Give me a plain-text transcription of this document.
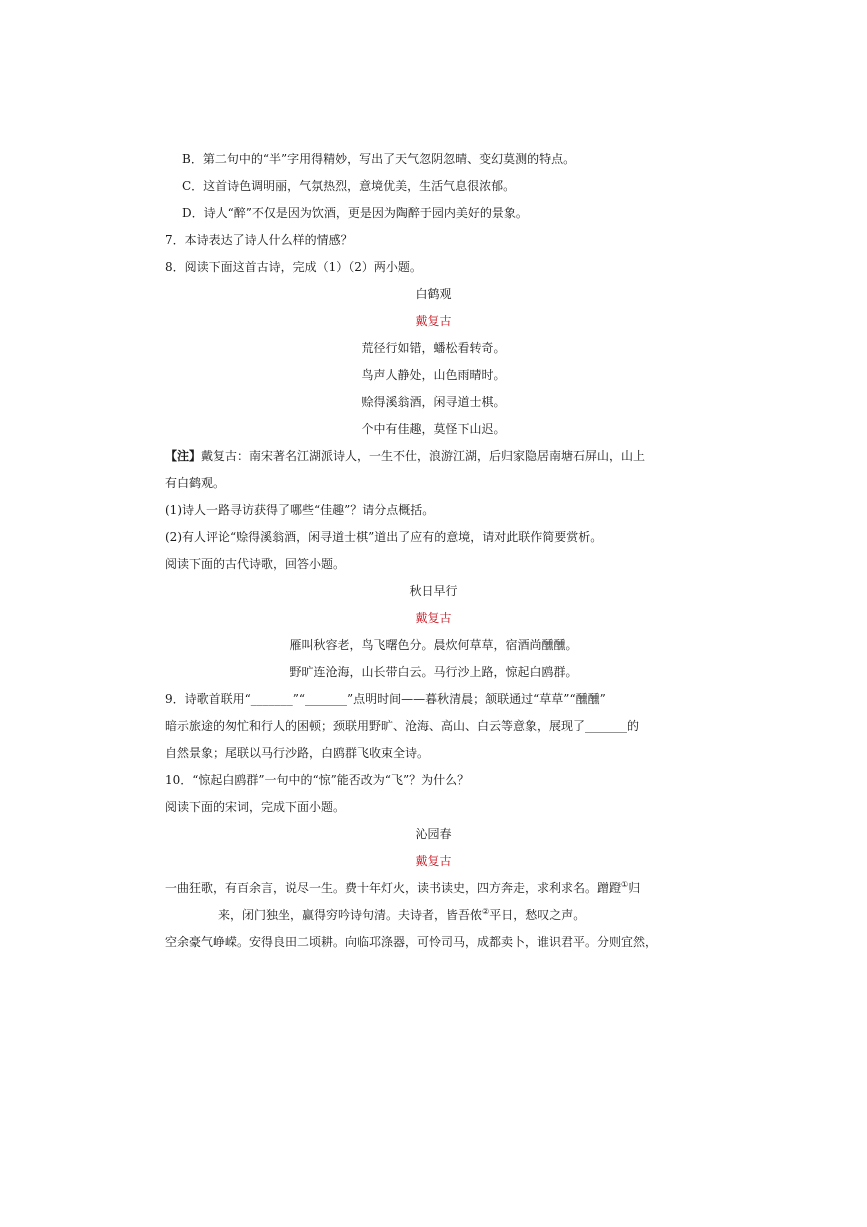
B．第二句中的“半”字用得精妙，写出了天气忽阴忽晴、变幻莫测的特点。
C．这首诗色调明丽，气氛热烈，意境优美，生活气息很浓郁。
D．诗人“醉”不仅是因为饮酒，更是因为陶醉于园内美好的景象。
7．本诗表达了诗人什么样的情感？
8．阅读下面这首古诗，完成（1）（2）两小题。
白鹤观
戴复古
荒径行如错，蟠松看转奇。
鸟声人静处，山色雨晴时。
赊得溪翁酒，闲寻道士棋。
个中有佳趣，莫怪下山迟。
【注】戴复古：南宋著名江湖派诗人，一生不仕，浪游江湖，后归家隐居南塘石屏山，山上
有白鹤观。
(1)诗人一路寻访获得了哪些“佳趣”？请分点概括。
(2)有人评论“赊得溪翁酒，闲寻道士棋”道出了应有的意境，请对此联作简要赏析。
阅读下面的古代诗歌，回答小题。
秋日早行
戴复古
雁叫秋容老，鸟飞曙色分。晨炊何草草，宿酒尚醺醺。
野旷连沧海，山长带白云。马行沙上路，惊起白鸥群。
9．诗歌首联用“_______”“_______”点明时间——暮秋清晨；颔联通过“草草”“醺醺”
暗示旅途的匆忙和行人的困顿；颈联用野旷、沧海、高山、白云等意象，展现了_______的
自然景象；尾联以马行沙路，白鸥群飞收束全诗。
10．“惊起白鸥群”一句中的“惊”能否改为“飞”？为什么？
阅读下面的宋词，完成下面小题。
沁园春
戴复古
一曲狂歌，有百余言，说尽一生。费十年灯火，读书读史，四方奔走，求利求名。蹭蹬①归
来，闭门独坐，赢得穷吟诗句清。夫诗者，皆吾侬②平日，愁叹之声。
空余豪气峥嵘。安得良田二顷耕。向临邛涤器，可怜司马，成都卖卜，谁识君平。分则宜然，
